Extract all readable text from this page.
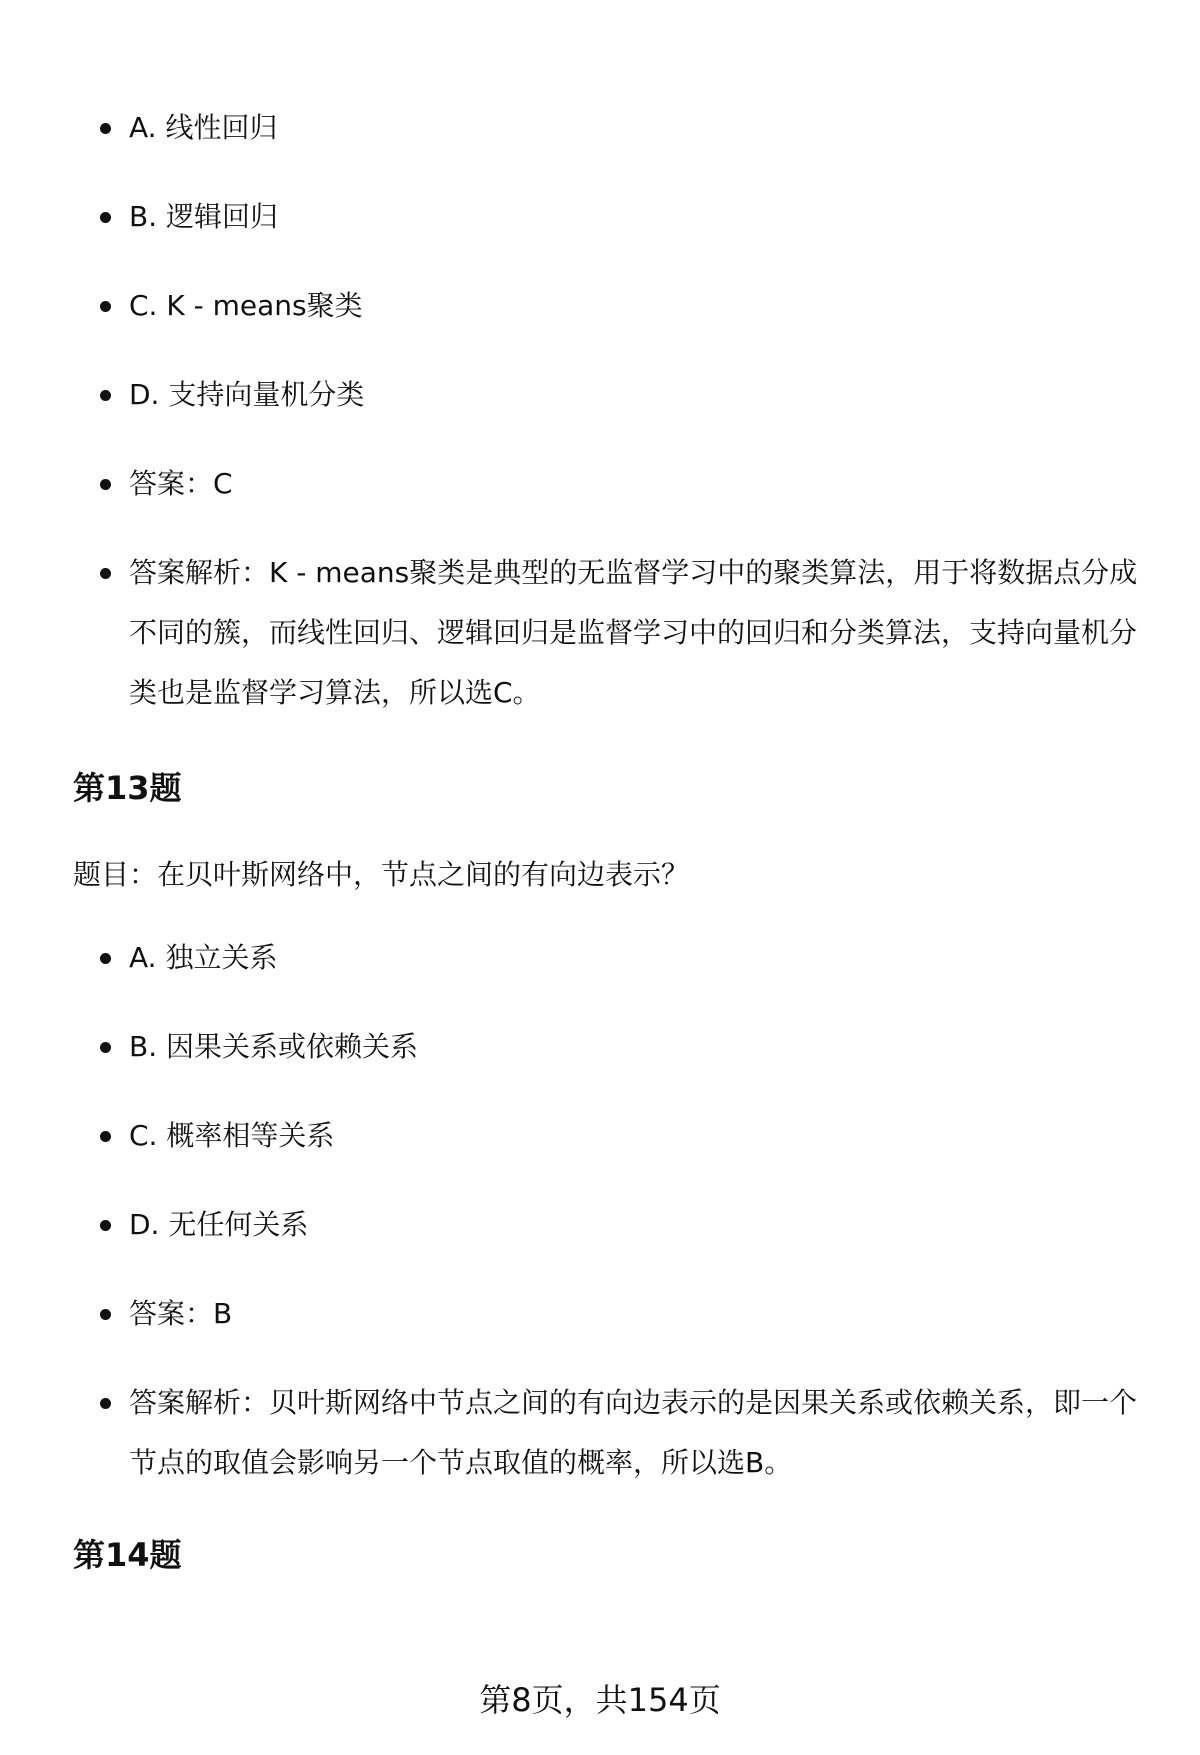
A. 线性回归
B. 逻辑回归
C. K - means聚类
D. 支持向量机分类
答案：C
答案解析：K - means聚类是典型的无监督学习中的聚类算法，用于将数据点分成不同的簇，而线性回归、逻辑回归是监督学习中的回归和分类算法，支持向量机分类也是监督学习算法，所以选C。
第13题

题目：在贝叶斯网络中，节点之间的有向边表示？

A. 独立关系
B. 因果关系或依赖关系
C. 概率相等关系
D. 无任何关系
答案：B
答案解析：贝叶斯网络中节点之间的有向边表示的是因果关系或依赖关系，即一个节点的取值会影响另一个节点取值的概率，所以选B。
第14题
第8页，共154页
